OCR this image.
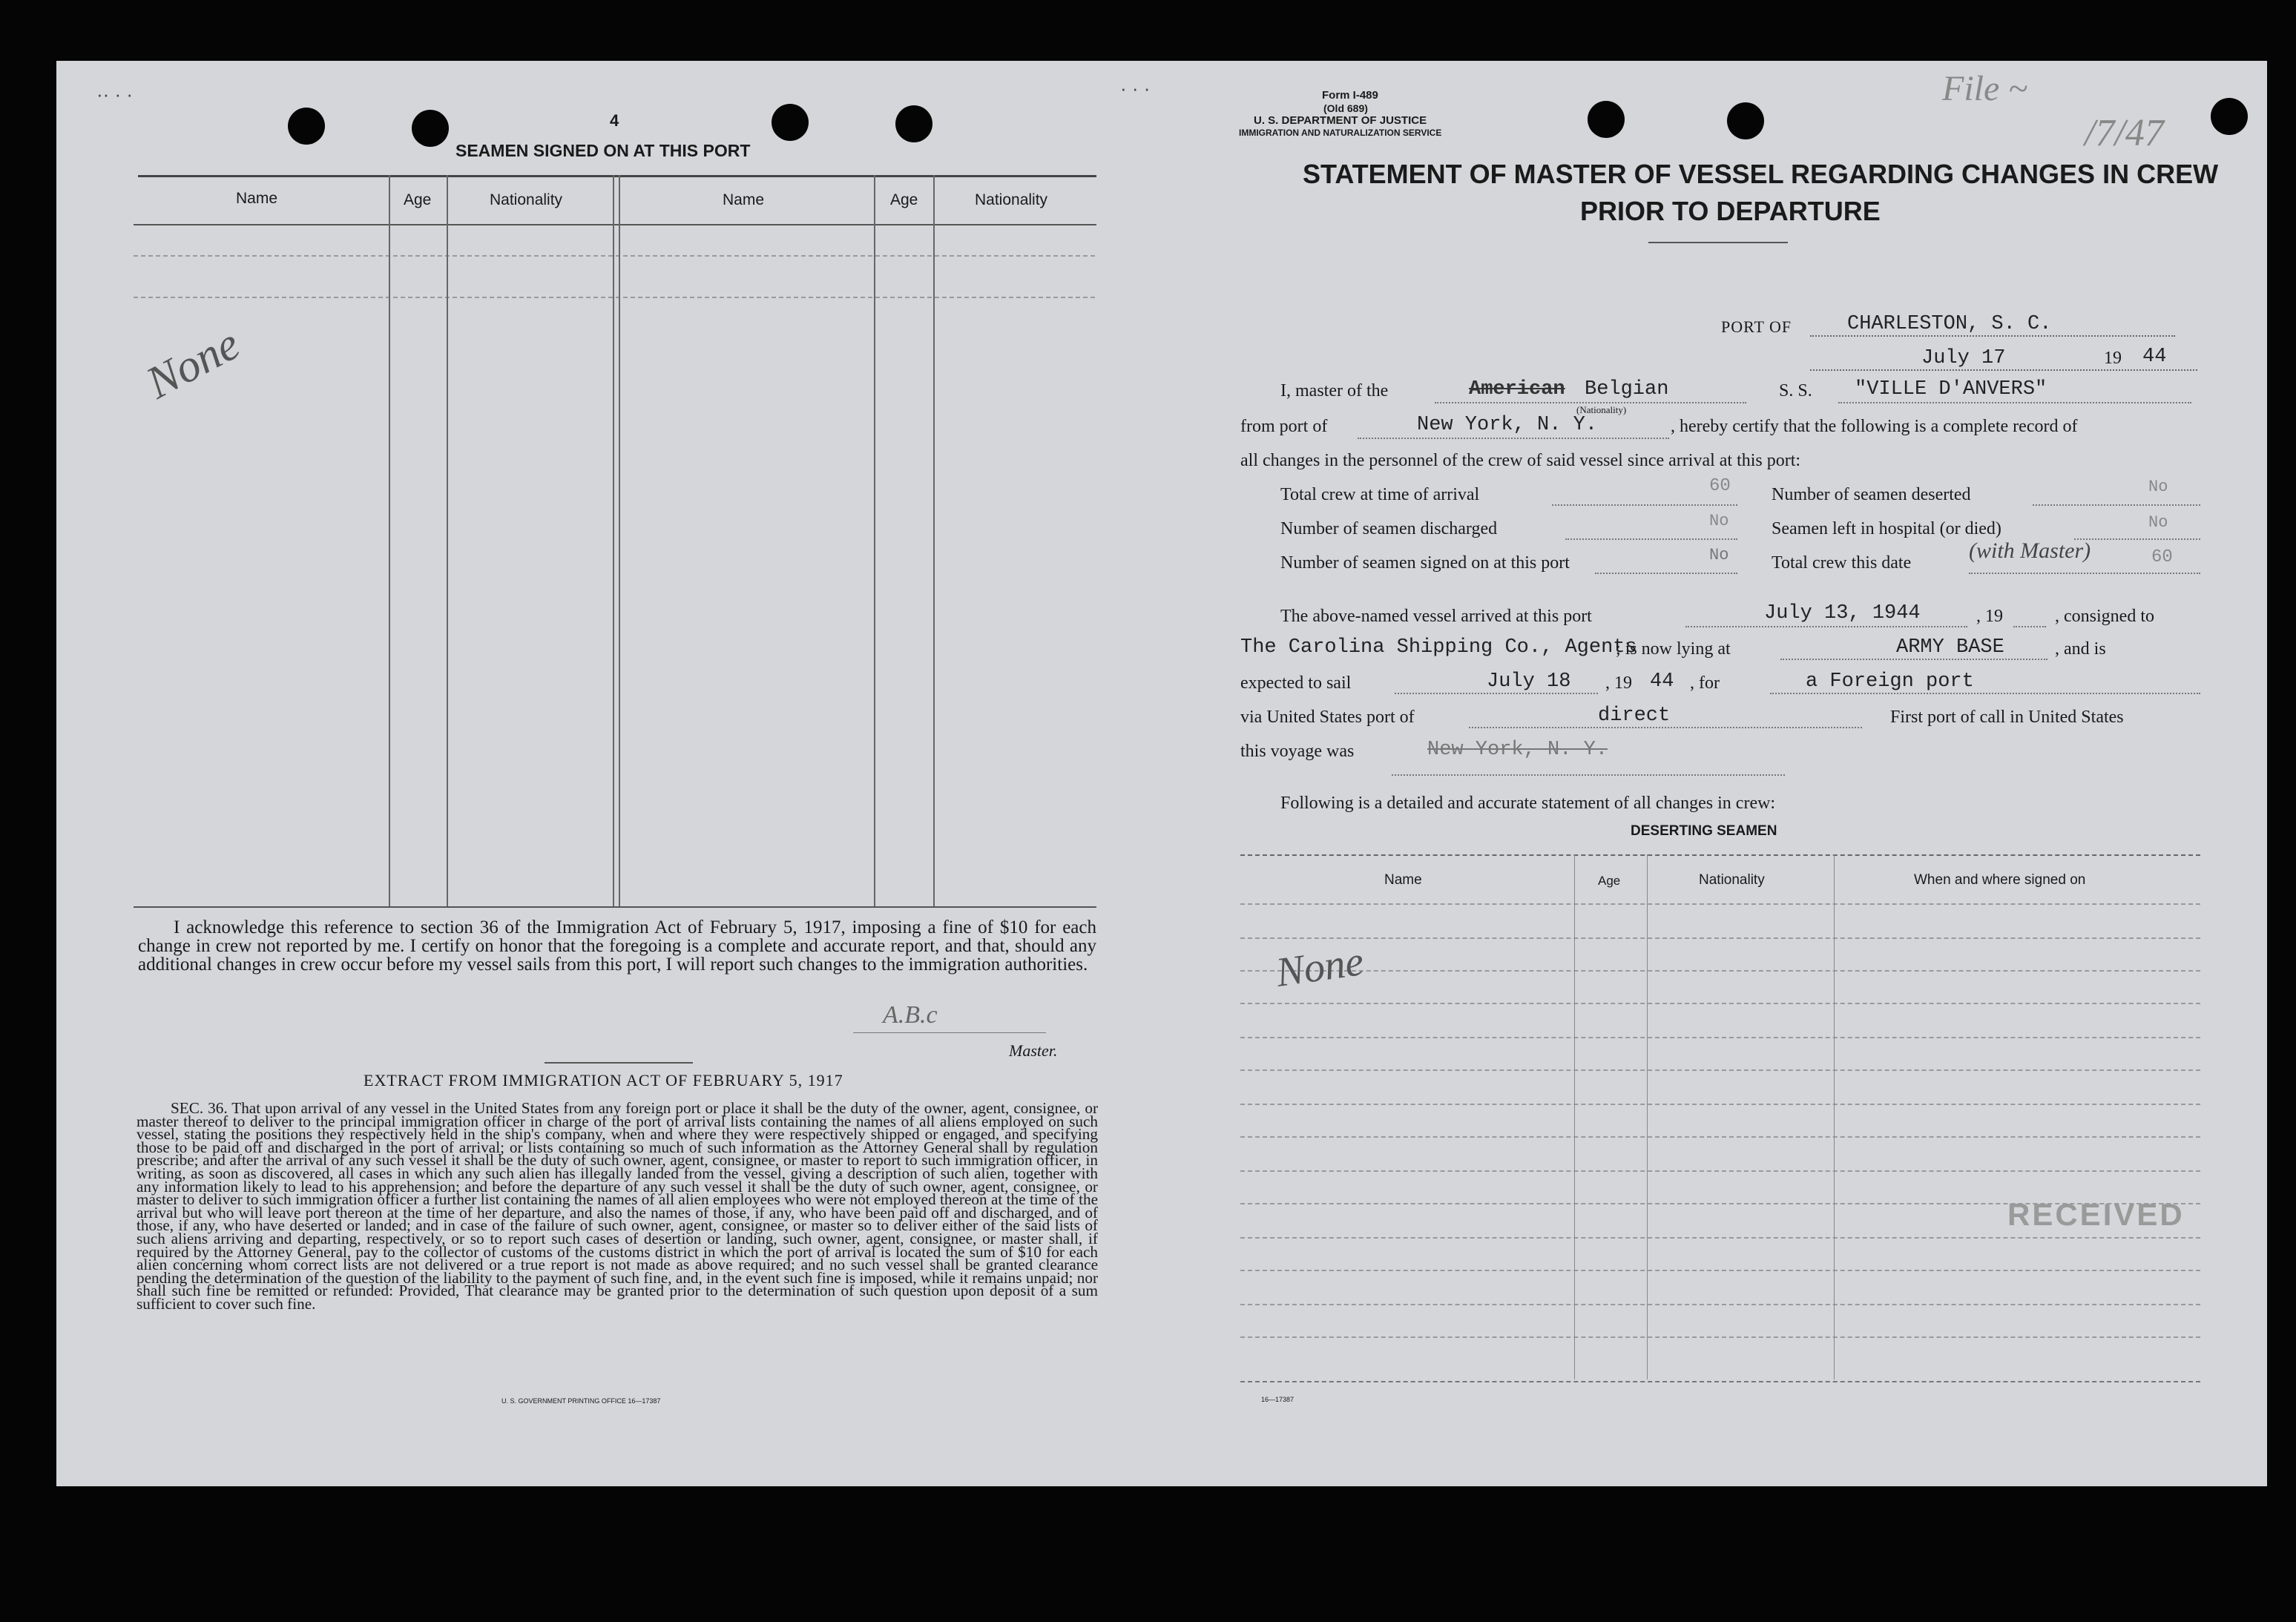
·· · ·	· · ·
4
SEAMEN SIGNED ON AT THIS PORT
Name	Age	Nationality	Name	Age	Nationality
None
I acknowledge this reference to section 36 of the Immigration Act of February 5, 1917, imposing a fine of $10 for each change in crew not reported by me. I certify on honor that the foregoing is a complete and accurate report, and that, should any additional changes in crew occur before my vessel sails from this port, I will report such changes to the immigration authorities.
A.B.c
Master.
EXTRACT FROM IMMIGRATION ACT OF FEBRUARY 5, 1917
SEC. 36. That upon arrival of any vessel in the United States from any foreign port or place it shall be the duty of the owner, agent, consignee, or master thereof to deliver to the principal immigration officer in charge of the port of arrival lists containing the names of all aliens employed on such vessel, stating the positions they respectively held in the ship's company, when and where they were respectively shipped or engaged, and specifying those to be paid off and discharged in the port of arrival; or lists containing so much of such information as the Attorney General shall by regulation prescribe; and after the arrival of any such vessel it shall be the duty of such owner, agent, consignee, or master to report to such immigration officer, in writing, as soon as discovered, all cases in which any such alien has illegally landed from the vessel, giving a description of such alien, together with any information likely to lead to his apprehension; and before the departure of any such vessel it shall be the duty of such owner, agent, consignee, or master to deliver to such immigration officer a further list containing the names of all alien employees who were not employed thereon at the time of the arrival but who will leave port thereon at the time of her departure, and also the names of those, if any, who have been paid off and discharged, and of those, if any, who have deserted or landed; and in case of the failure of such owner, agent, consignee, or master so to deliver either of the said lists of such aliens arriving and departing, respectively, or so to report such cases of desertion or landing, such owner, agent, consignee, or master shall, if required by the Attorney General, pay to the collector of customs of the customs district in which the port of arrival is located the sum of $10 for each alien concerning whom correct lists are not delivered or a true report is not made as above required; and no such vessel shall be granted clearance pending the determination of the question of the liability to the payment of such fine, and, in the event such fine is imposed, while it remains unpaid; nor shall such fine be remitted or refunded: Provided, That clearance may be granted prior to the determination of such question upon deposit of a sum sufficient to cover such fine.
U. S. GOVERNMENT PRINTING OFFICE 16—17387
Form I-489
(Old 689)
U. S. DEPARTMENT OF JUSTICE
IMMIGRATION AND NATURALIZATION SERVICE
File ~
/7/47
STATEMENT OF MASTER OF VESSEL REGARDING CHANGES IN CREW
PRIOR TO DEPARTURE
PORT OF	CHARLESTON, S. C.
July 17	19 44
I, master of the	American Belgian
(Nationality)
S. S. "VILLE D'ANVERS"
from port of	New York, N. Y.	, hereby certify that the following is a complete record of
all changes in the personnel of the crew of said vessel since arrival at this port:
Total crew at time of arrival	60
Number of seamen discharged	No
Number of seamen signed on at this port	No
Number of seamen deserted	No
Seamen left in hospital (or died)	No
Total crew this date	(with Master)	60
The above-named vessel arrived at this port	July 13, 1944	, 19	, consigned to
The Carolina Shipping Co., Agents
; is now lying at	ARMY BASE	, and is
expected to sail	July 18 , 19 44 , for	a Foreign port
via United States port of	direct	First port of call in United States
this voyage was	New York, N. Y.
Following is a detailed and accurate statement of all changes in crew:
DESERTING SEAMEN
Name	Age	Nationality	When and where signed on
None
RECEIVED
16—17387
